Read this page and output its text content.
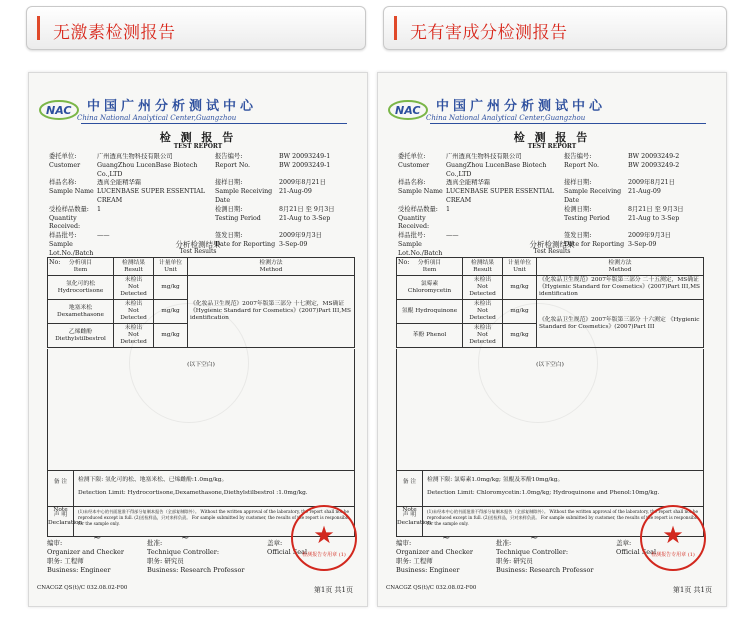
无激素检测报告	无有害成分检测报告
NAC 中国广州分析测试中心
China National Analytical Center,Guangzhou
检 测 报 告
TEST REPORT
委托单位:	广州透真生物科技有限公司	报告编号:	BW 20093249-1
Customer	GuangZhou LucenBase Biotech Co.,LTD
Report No.	BW 20093249-1
样品名称:	透真全能精华霜	接样日期:	2009年8月21日
Sample Name LUCENBASE SUPER ESSENTIAL CREAM
Sample Receiving Date
21-Aug-09
受检样品数量:	1	检测日期:	8月21日 至 9月3日
Quantity Received:
Testing Period	21-Aug to 3-Sep
样品批号:	——	签发日期:	2009年9月3日
Sample Lot.No./Batch No:
Date for Reporting 3-Sep-09
分析检测结果
Test Results
分析项目
Item	检测结果
Result	计量单位
Unit	检测方法
Method
氢化可的松
Hydrocortisone	未检出
Not Detected	mg/kg	《化妆品卫生规范》2007年版第三部分 十七测定，MS确证 《Hygienic Standard for Cosmetics》(2007)Part III,MS identification
地塞米松 Dexamethasone	未检出
Not Detected	mg/kg	
乙烯雌酚 Diethylstilbestrol	未检出
Not Detected	mg/kg	
(以下空白)
备 注

Note
检测下限: 氢化可的松、地塞米松、已烯雌酚:1.0mg/kg。
Detection Limit: Hydrocortisone,Dexamethasone,Diethylstilbestrol :1.0mg/kg.
声 明
Declaration
(1)未经本中心的书面批准不得部分复制本报告（全部复制除外）。 Without the written approval of the laboratory, the report shall not be reproduced except in full. (2)送检样品，只对来样负责。 For sample submitted by customer, the results of the report is responsible for the sample only.
编审:	批准:	盖章:
Organizer and Checker	Technique Controller:	Official Seal
职务: 工程师	职务: 研究员
Business: Engineer	Business: Research Professor
~	~	★
检测报告专用章 (1)
CNACGZ QS(t)/C 032.08.02-F00	第1页 共1页
NAC 中国广州分析测试中心
China National Analytical Center,Guangzhou
检 测 报 告
TEST REPORT
委托单位:	广州透真生物科技有限公司	报告编号:	BW 20093249-2
Customer	GuangZhou LucenBase Biotech Co.,LTD
Report No.	BW 20093249-2
样品名称:	透真全能精华霜	接样日期:	2009年8月21日
Sample Name LUCENBASE SUPER ESSENTIAL CREAM
Sample Receiving Date
21-Aug-09
受检样品数量:	1	检测日期:	8月21日 至 9月3日
Quantity Received:
Testing Period	21-Aug to 3-Sep
样品批号:	——	签发日期:	2009年9月3日
Sample Lot.No./Batch No:
Date for Reporting 3-Sep-09
分析检测结果
Test Results
分析项目
Item	检测结果
Result	计量单位
Unit	检测方法
Method
氯霉素 Chloromycetin	未检出
Not Detected	mg/kg	《化妆品卫生规范》2007年版第三部分 二十五测定，MS确证 《Hygienic Standard for Cosmetics》(2007)Part III,MS identification
氢醌 Hydroquinone	未检出
Not Detected	mg/kg	《化妆品卫生规范》2007年版第三部分 十六测定 《Hygienic Standard for Cosmetics》(2007)Part III
苯酚 Phenol	未检出
Not Detected	mg/kg	
(以下空白)
备 注

Note
检测下限: 氯霉素1.0mg/kg; 氢醌及苯酚10mg/kg。
Detection Limit: Chloromycetin:1.0mg/kg; Hydroquinone and Phenol:10mg/kg.
声 明
Declaration
(1)未经本中心的书面批准不得部分复制本报告（全部复制除外）。 Without the written approval of the laboratory, the report shall not be reproduced except in full. (2)送检样品，只对来样负责。 For sample submitted by customer, the results of the report is responsible for the sample only.
编审:	批准:	盖章:
Organizer and Checker	Technique Controller:	Official Seal
职务: 工程师	职务: 研究员
Business: Engineer	Business: Research Professor
~	~	★
检测报告专用章 (1)
CNACGZ QS(t)/C 032.08.02-F00	第1页 共1页
